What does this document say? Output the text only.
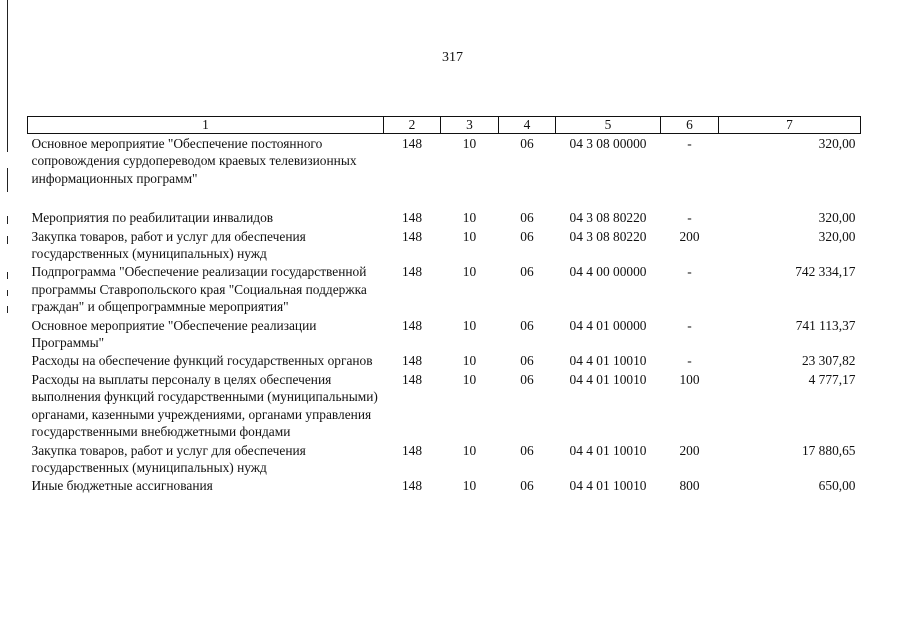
317
1	2	3	4	5	6	7
Основное мероприятие "Обеспечение постоянного сопровождения сурдопереводом краевых телевизионных информационных программ"	148	10	06	04 3 08 00000	-	320,00

Мероприятия по реабилитации инвалидов	148	10	06	04 3 08 80220	-	320,00
Закупка товаров, работ и услуг для обеспечения государственных (муниципальных) нужд	148	10	06	04 3 08 80220	200	320,00
Подпрограмма "Обеспечение реализации государственной программы Ставропольского края "Социальная поддержка граждан" и общепрограммные мероприятия"	148	10	06	04 4 00 00000	-	742 334,17
Основное мероприятие "Обеспечение реализации Программы"	148	10	06	04 4 01 00000	-	741 113,37
Расходы на обеспечение функций государственных органов	148	10	06	04 4 01 10010	-	23 307,82
Расходы на выплаты персоналу в целях обеспечения выполнения функций государственными (муниципальными) органами, казенными учреждениями, органами управления государственными внебюджетными фондами	148	10	06	04 4 01 10010	100	4 777,17
Закупка товаров, работ и услуг для обеспечения государственных (муниципальных) нужд	148	10	06	04 4 01 10010	200	17 880,65
Иные бюджетные ассигнования	148	10	06	04 4 01 10010	800	650,00
